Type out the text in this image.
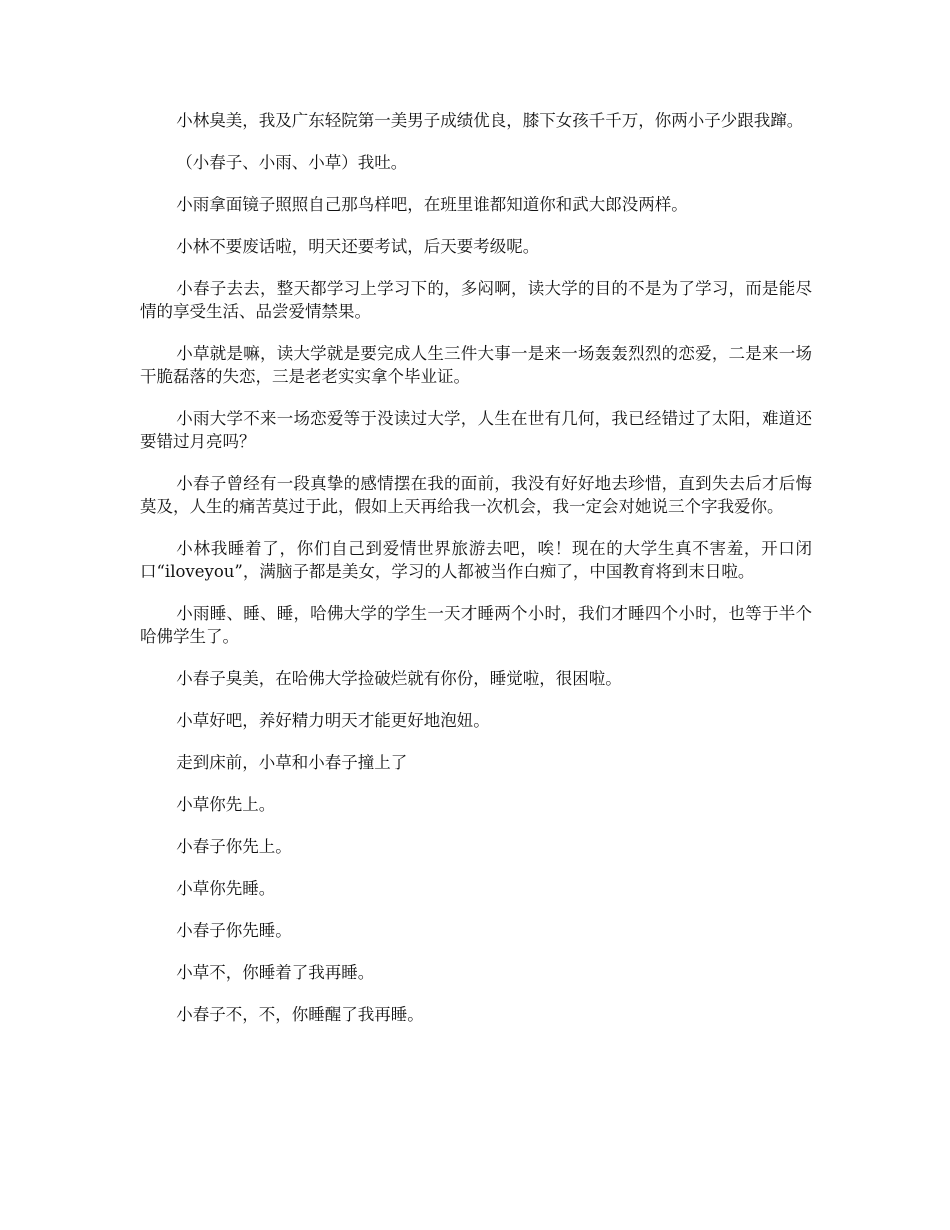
小林臭美，我及广东轻院第一美男子成绩优良，膝下女孩千千万，你两小子少跟我蹿。

（小春子、小雨、小草）我吐。

小雨拿面镜子照照自己那鸟样吧，在班里谁都知道你和武大郎没两样。

小林不要废话啦，明天还要考试，后天要考级呢。

小春子去去，整天都学习上学习下的，多闷啊，读大学的目的不是为了学习，而是能尽情的享受生活、品尝爱情禁果。

小草就是嘛，读大学就是要完成人生三件大事一是来一场轰轰烈烈的恋爱，二是来一场干脆磊落的失恋，三是老老实实拿个毕业证。

小雨大学不来一场恋爱等于没读过大学，人生在世有几何，我已经错过了太阳，难道还要错过月亮吗？

小春子曾经有一段真挚的感情摆在我的面前，我没有好好地去珍惜，直到失去后才后悔莫及，人生的痛苦莫过于此，假如上天再给我一次机会，我一定会对她说三个字我爱你。

小林我睡着了，你们自己到爱情世界旅游去吧，唉！现在的大学生真不害羞，开口闭口“iloveyou”，满脑子都是美女，学习的人都被当作白痴了，中国教育将到末日啦。

小雨睡、睡、睡，哈佛大学的学生一天才睡两个小时，我们才睡四个小时，也等于半个哈佛学生了。

小春子臭美，在哈佛大学捡破烂就有你份，睡觉啦，很困啦。

小草好吧，养好精力明天才能更好地泡妞。

走到床前，小草和小春子撞上了

小草你先上。

小春子你先上。

小草你先睡。

小春子你先睡。

小草不，你睡着了我再睡。

小春子不，不，你睡醒了我再睡。
